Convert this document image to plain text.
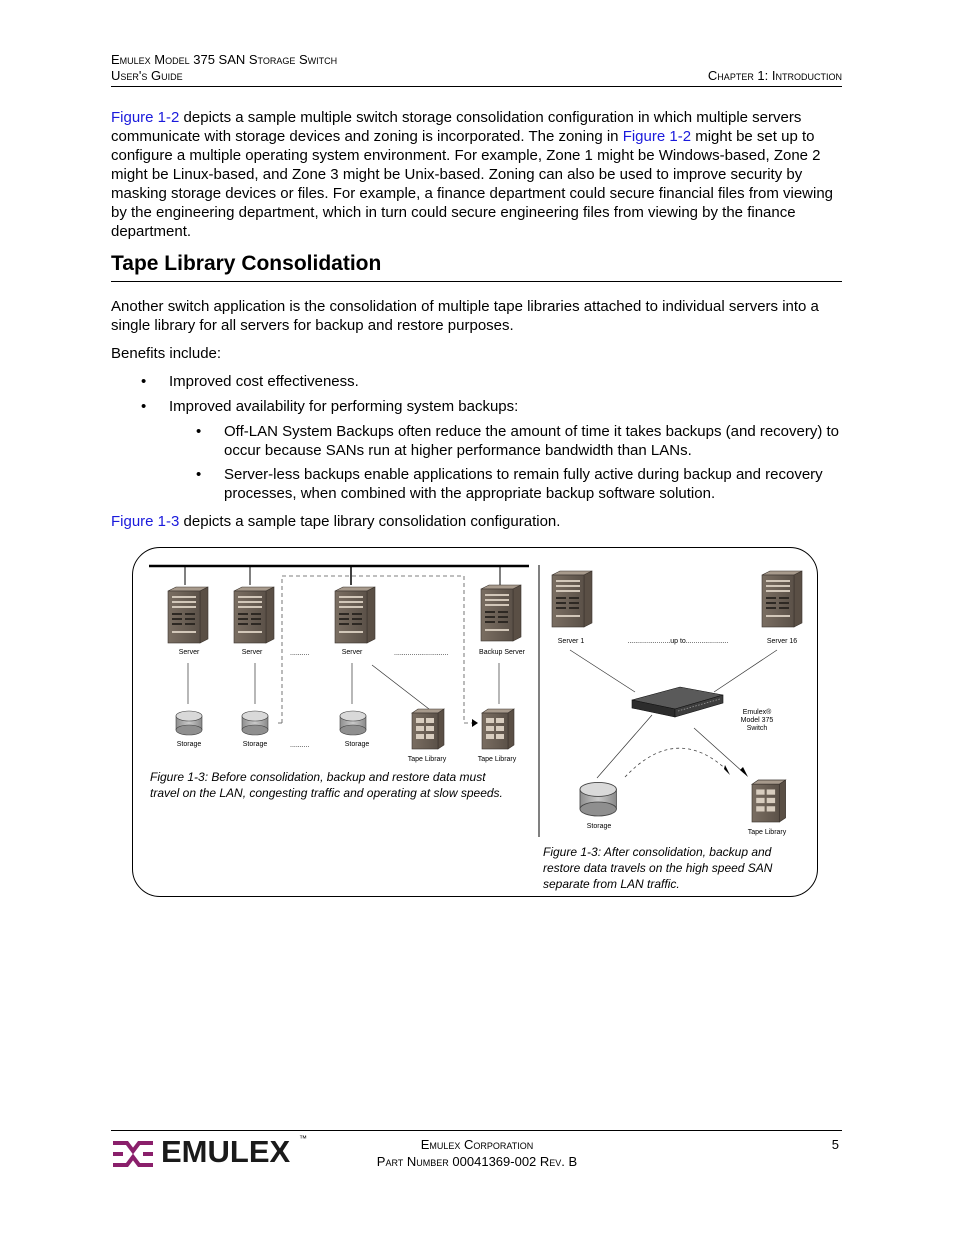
Emulex Model 375 SAN Storage Switch
User's Guide	Chapter 1: Introduction

Figure 1-2 depicts a sample multiple switch storage consolidation configuration in which multiple servers communicate with storage devices and zoning is incorporated. The zoning in Figure 1-2 might be set up to configure a multiple operating system environment. For example, Zone 1 might be Windows-based, Zone 2 might be Linux-based, and Zone 3 might be Unix-based. Zoning can also be used to improve security by masking storage devices or files. For example, a finance department could secure financial files from viewing by the engineering department, which in turn could secure engineering files from viewing by the finance department.

Tape Library Consolidation

Another switch application is the consolidation of multiple tape libraries attached to individual servers into a single library for all servers for backup and restore purposes.

Benefits include:

• Improved cost effectiveness.
• Improved availability for performing system backups:
• Off-LAN System Backups often reduce the amount of time it takes backups (and recovery) to occur because SANs run at higher performance bandwidth than LANs.
• Server-less backups enable applications to remain fully active during backup and recovery processes, when combined with the appropriate backup software solution.

Figure 1-3 depicts a sample tape library consolidation configuration.

Server	Server	Server	Backup Server
..........	............................
Storage	Storage	Storage
..........
Tape Library	Tape Library
Server 1	Server 16
......................up to......................
Emulex®
Model 375
Switch
Storage
Tape Library
Figure 1-3: Before consolidation, backup and restore data must travel on the LAN, congesting traffic and operating at slow speeds.
Figure 1-3: After consolidation, backup and restore data travels on the high speed SAN separate from LAN traffic.
EMULEX ™	Emulex Corporation
Part Number 00041369-002 Rev. B
5
